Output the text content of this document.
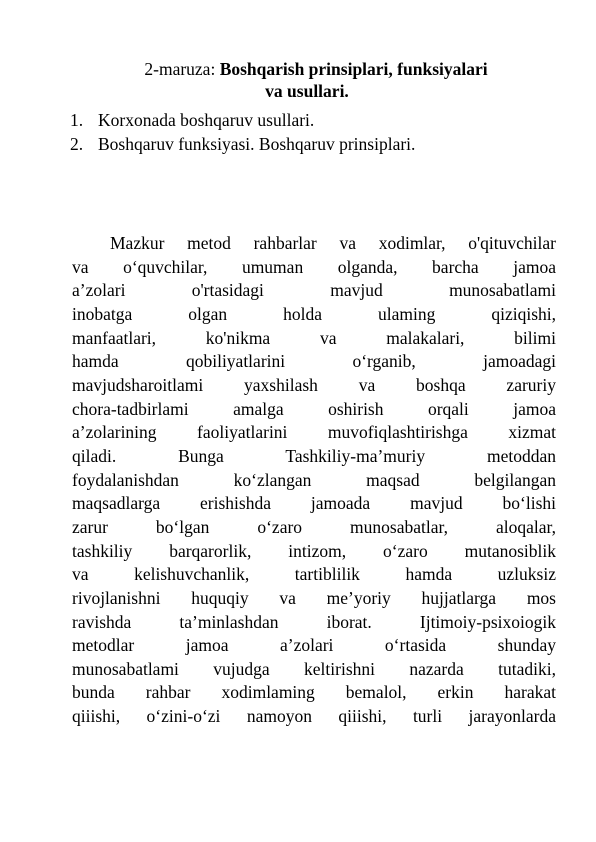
2-maruza: Boshqarish prinsiplari, funksiyalari
va usullari.
1. Korxonada boshqaruv usullari.
2. Boshqaruv funksiyasi. Boshqaruv prinsiplari.
Mazkur metod rahbarlar va xodimlar, o'qituvchilar
va o‘quvchilar, umuman olganda, barcha jamoa
a’zolari o'rtasidagi mavjud munosabatlami
inobatga olgan holda ulaming qiziqishi,
manfaatlari, ko'nikma va malakalari, bilimi
hamda qobiliyatlarini o‘rganib, jamoadagi
mavjudsharoitlami yaxshilash va boshqa zaruriy
chora-tadbirlami amalga oshirish orqali jamoa
a’zolarining faoliyatlarini muvofiqlashtirishga xizmat
qiladi. Bunga Tashkiliy-ma’muriy metoddan
foydalanishdan ko‘zlangan maqsad belgilangan
maqsadlarga erishishda jamoada mavjud bo‘lishi
zarur bo‘lgan o‘zaro munosabatlar, aloqalar,
tashkiliy barqarorlik, intizom, o‘zaro mutanosiblik
va kelishuvchanlik, tartiblilik hamda uzluksiz
rivojlanishni huquqiy va me’yoriy hujjatlarga mos
ravishda ta’minlashdan iborat. Ijtimoiy-psixoiogik
metodlar jamoa a’zolari o‘rtasida shunday
munosabatlami vujudga keltirishni nazarda tutadiki,
bunda rahbar xodimlaming bemalol, erkin harakat
qiiishi, o‘zini-o‘zi namoyon qiiishi, turli jarayonlarda
